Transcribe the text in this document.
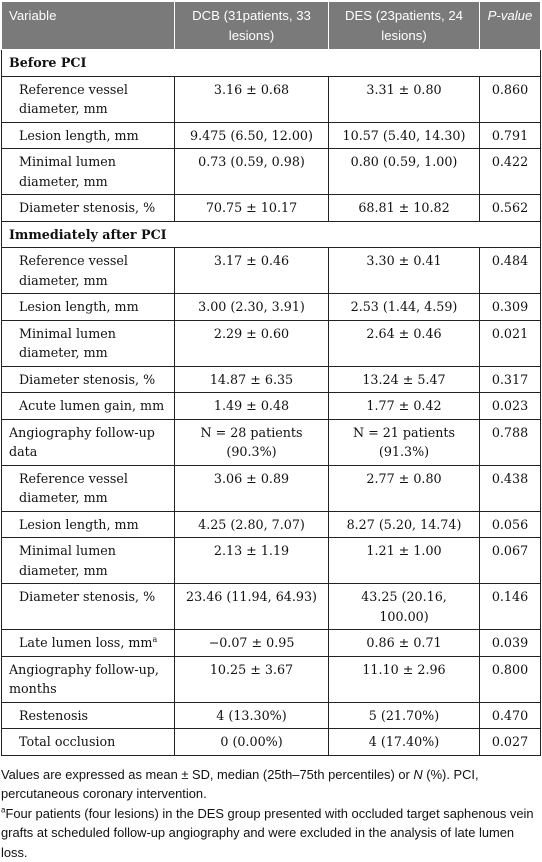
Variable	DCB (31patients, 33 lesions)	DES (23patients, 24 lesions)	P-value
Before PCI			
Reference vessel diameter, mm	3.16 ± 0.68	3.31 ± 0.80	0.860
Lesion length, mm	9.475 (6.50, 12.00)	10.57 (5.40, 14.30)	0.791
Minimal lumen diameter, mm	0.73 (0.59, 0.98)	0.80 (0.59, 1.00)	0.422
Diameter stenosis, %	70.75 ± 10.17	68.81 ± 10.82	0.562
Immediately after PCI			
Reference vessel diameter, mm	3.17 ± 0.46	3.30 ± 0.41	0.484
Lesion length, mm	3.00 (2.30, 3.91)	2.53 (1.44, 4.59)	0.309
Minimal lumen diameter, mm	2.29 ± 0.60	2.64 ± 0.46	0.021
Diameter stenosis, %	14.87 ± 6.35	13.24 ± 5.47	0.317
Acute lumen gain, mm	1.49 ± 0.48	1.77 ± 0.42	0.023
Angiography follow-up data	N = 28 patients (90.3%)	N = 21 patients (91.3%)	0.788
Reference vessel diameter, mm	3.06 ± 0.89	2.77 ± 0.80	0.438
Lesion length, mm	4.25 (2.80, 7.07)	8.27 (5.20, 14.74)	0.056
Minimal lumen diameter, mm	2.13 ± 1.19	1.21 ± 1.00	0.067
Diameter stenosis, %	23.46 (11.94, 64.93)	43.25 (20.16, 100.00)	0.146
Late lumen loss, $mm^a$	−0.07 ± 0.95	0.86 ± 0.71	0.039
Angiography follow-up, months	10.25 ± 3.67	11.10 ± 2.96	0.800
Restenosis	4 (13.30%)	5 (21.70%)	0.470
Total occlusion	0 (0.00%)	4 (17.40%)	0.027

Values are expressed as mean ± SD, median (25th–75th percentiles) or N (%). PCI, percutaneous coronary intervention.

$^a$Four patients (four lesions) in the DES group presented with occluded target saphenous vein grafts at scheduled follow-up angiography and were excluded in the analysis of late lumen loss.
